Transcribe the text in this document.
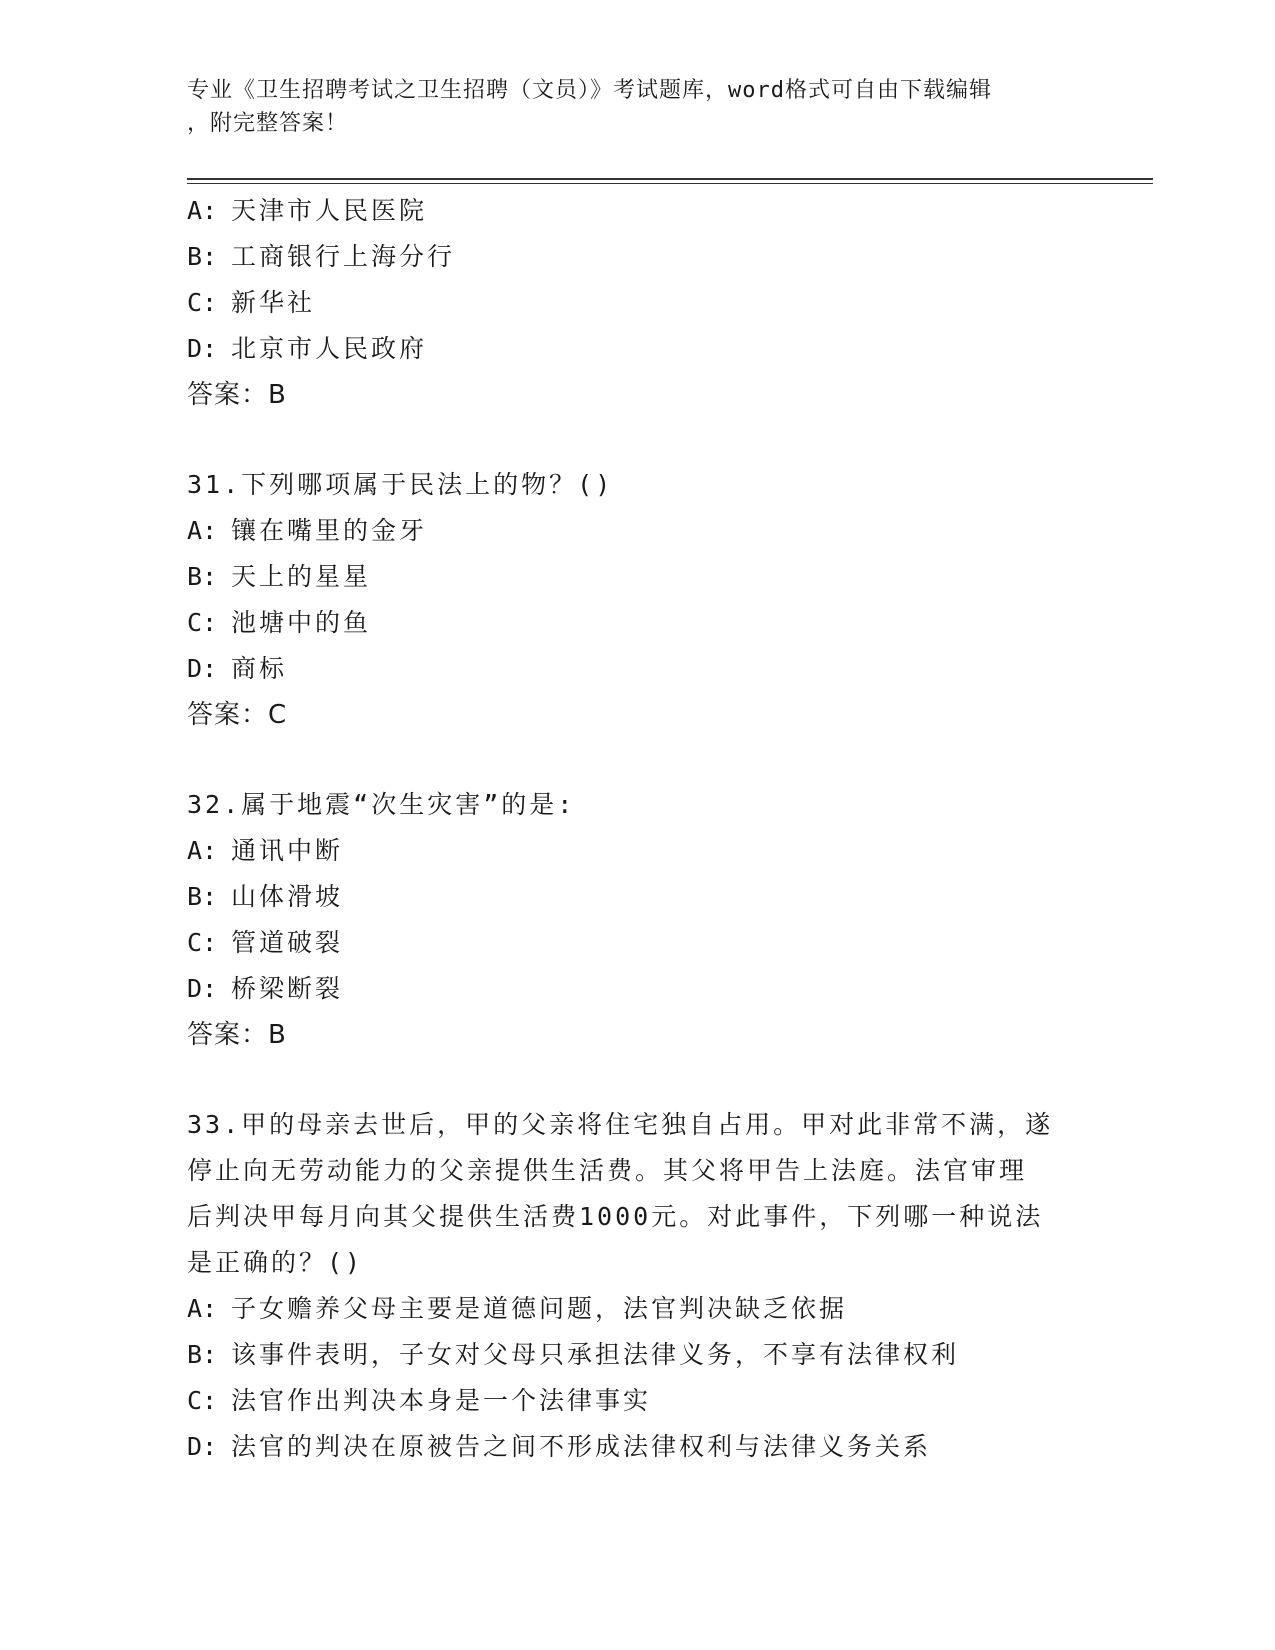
专业《卫生招聘考试之卫生招聘（文员）》考试题库，word格式可自由下载编辑
，附完整答案！
A: 天津市人民医院
B: 工商银行上海分行
C: 新华社
D: 北京市人民政府
答案：B
31.下列哪项属于民法上的物？()
A: 镶在嘴里的金牙
B: 天上的星星
C: 池塘中的鱼
D: 商标
答案：C
32.属于地震“次生灾害”的是:
A: 通讯中断
B: 山体滑坡
C: 管道破裂
D: 桥梁断裂
答案：B
33.甲的母亲去世后，甲的父亲将住宅独自占用。甲对此非常不满，遂
停止向无劳动能力的父亲提供生活费。其父将甲告上法庭。法官审理
后判决甲每月向其父提供生活费1000元。对此事件，下列哪一种说法
是正确的？()
A: 子女赡养父母主要是道德问题，法官判决缺乏依据
B: 该事件表明，子女对父母只承担法律义务，不享有法律权利
C: 法官作出判决本身是一个法律事实
D: 法官的判决在原被告之间不形成法律权利与法律义务关系
